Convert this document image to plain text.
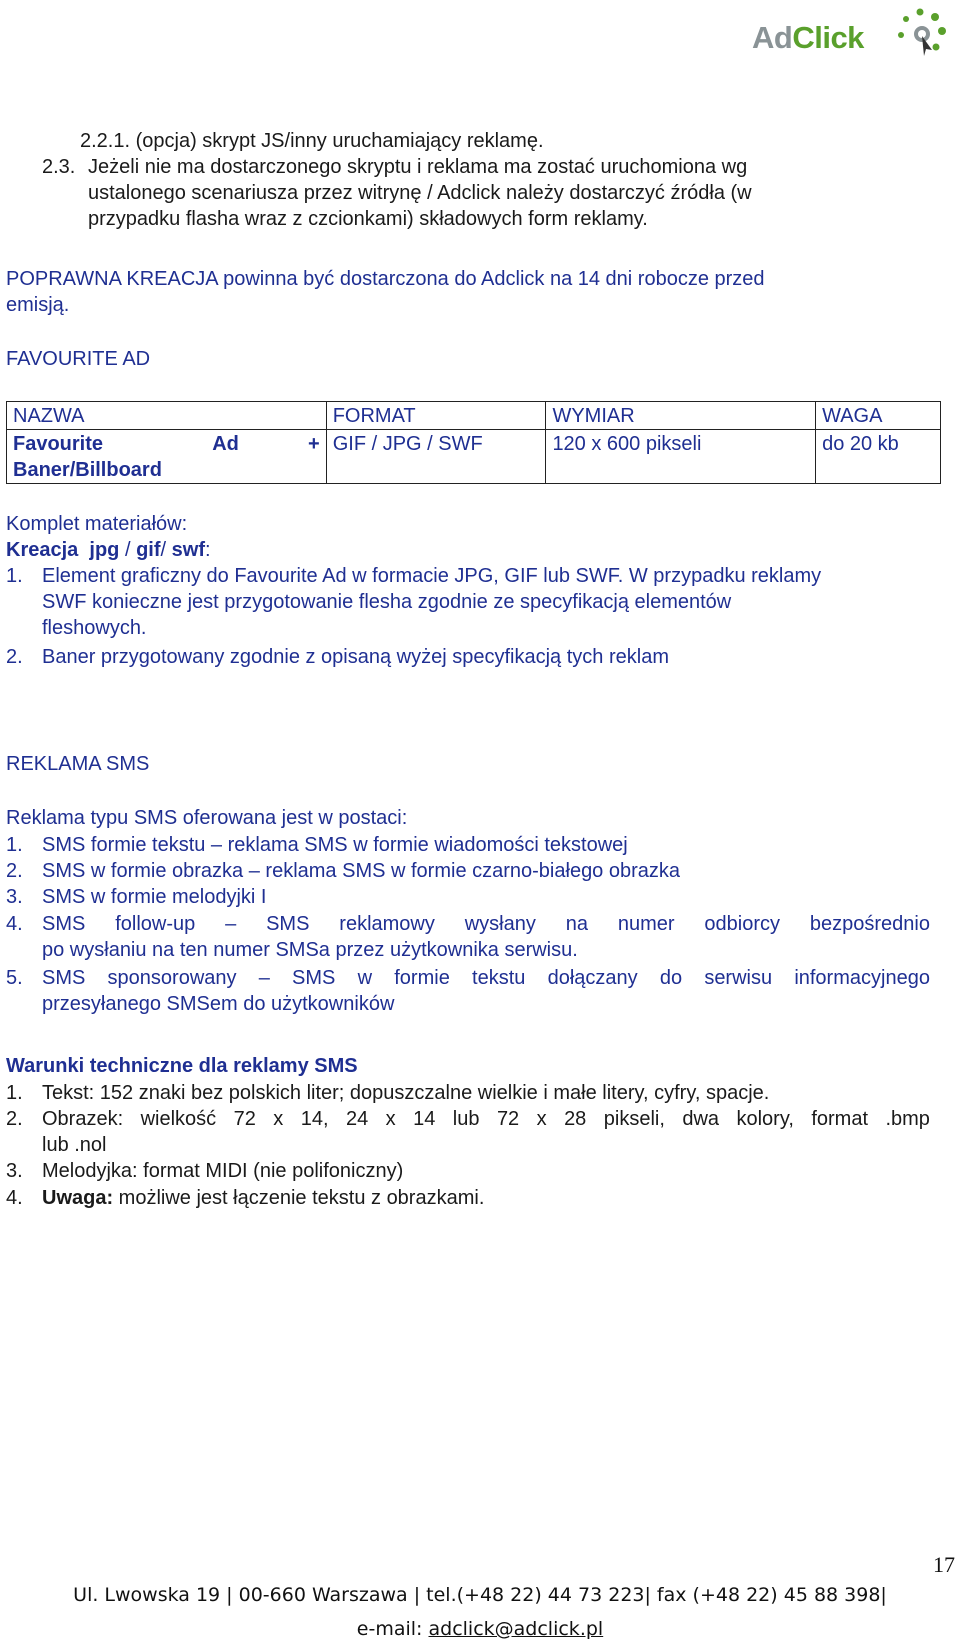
AdClick
2.2.1. (opcja) skrypt JS/inny uruchamiający reklamę.
2.3. Jeżeli nie ma dostarczonego skryptu i reklama ma zostać uruchomiona wg
ustalonego scenariusza przez witrynę / Adclick należy dostarczyć źródła (w
przypadku flasha wraz z czcionkami) składowych form reklamy.
POPRAWNA KREACJA powinna być dostarczona do Adclick na 14 dni robocze przed
emisją.
FAVOURITE AD
NAZWA	FORMAT	WYMIAR	WAGA

Favourite Ad +
Baner/Billboard	GIF / JPG / SWF	120 x 600 pikseli	do 20 kb
Komplet materiałów:
Kreacja jpg / gif/ swf:
1. Element graficzny do Favourite Ad w formacie JPG, GIF lub SWF. W przypadku reklamy
SWF konieczne jest przygotowanie flesha zgodnie ze specyfikacją elementów
fleshowych.
2. Baner przygotowany zgodnie z opisaną wyżej specyfikacją tych reklam
REKLAMA SMS
Reklama typu SMS oferowana jest w postaci:
1. SMS formie tekstu – reklama SMS w formie wiadomości tekstowej
2. SMS w formie obrazka – reklama SMS w formie czarno-białego obrazka
3. SMS w formie melodyjki I
4. SMS follow-up – SMS reklamowy wysłany na numer odbiorcy bezpośrednio
po wysłaniu na ten numer SMSa przez użytkownika serwisu.
5. SMS sponsorowany – SMS w formie tekstu dołączany do serwisu informacyjnego
przesyłanego SMSem do użytkowników
Warunki techniczne dla reklamy SMS
1. Tekst: 152 znaki bez polskich liter; dopuszczalne wielkie i małe litery, cyfry, spacje.
2. Obrazek: wielkość 72 x 14, 24 x 14 lub 72 x 28 pikseli, dwa kolory, format .bmp
lub .nol
3. Melodyjka: format MIDI (nie polifoniczny)
4. Uwaga: możliwe jest łączenie tekstu z obrazkami.
17
Ul. Lwowska 19 | 00-660 Warszawa | tel.(+48 22) 44 73 223| fax (+48 22) 45 88 398|
e-mail: adclick@adclick.pl
